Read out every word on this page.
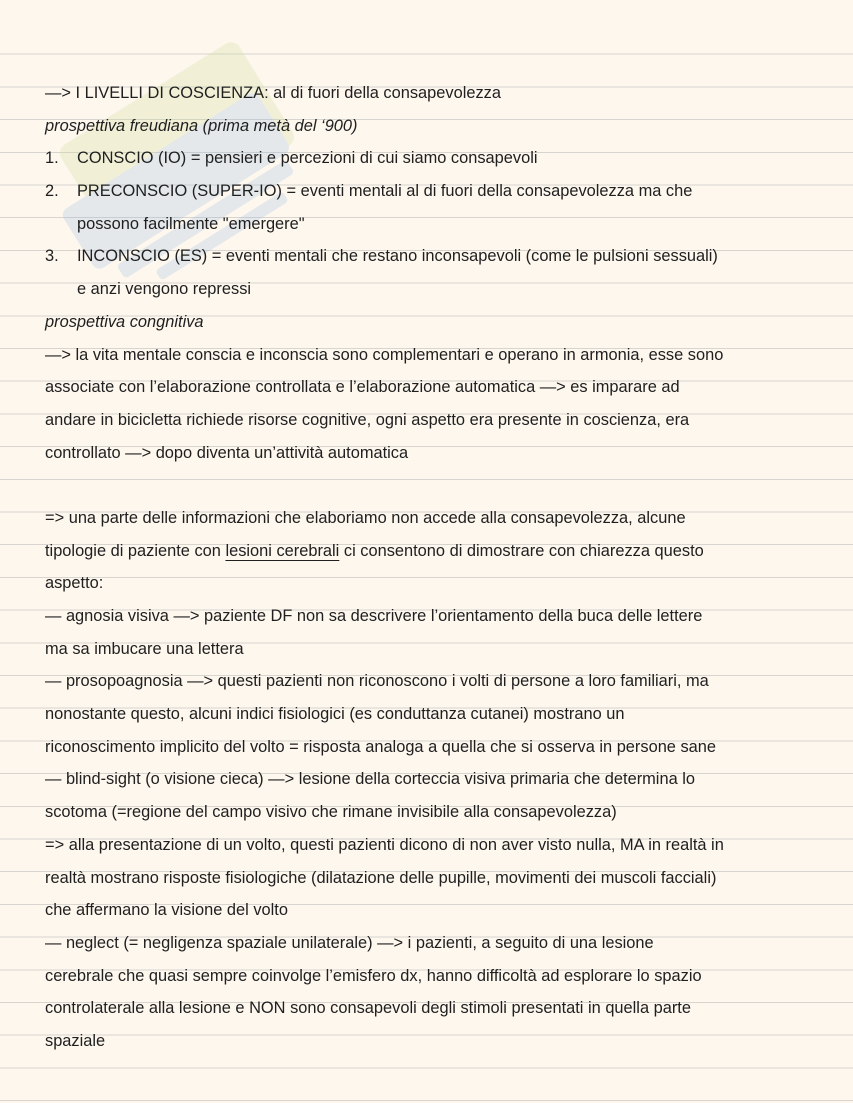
—> I LIVELLI DI COSCIENZA: al di fuori della consapevolezza
prospettiva freudiana (prima metà del ‘900)
1. CONSCIO (IO) = pensieri e percezioni di cui siamo consapevoli
2. PRECONSCIO (SUPER-IO) = eventi mentali al di fuori della consapevolezza ma che
possono facilmente "emergere"
3. INCONSCIO (ES) = eventi mentali che restano inconsapevoli (come le pulsioni sessuali)
e anzi vengono repressi
prospettiva congnitiva
—> la vita mentale conscia e inconscia sono complementari e operano in armonia, esse sono
associate con l’elaborazione controllata e l’elaborazione automatica —> es imparare ad
andare in bicicletta richiede risorse cognitive, ogni aspetto era presente in coscienza, era
controllato —> dopo diventa un’attività automatica
=> una parte delle informazioni che elaboriamo non accede alla consapevolezza, alcune
tipologie di paziente con lesioni cerebrali ci consentono di dimostrare con chiarezza questo
aspetto:
— agnosia visiva —> paziente DF non sa descrivere l’orientamento della buca delle lettere
ma sa imbucare una lettera
— prosopoagnosia —> questi pazienti non riconoscono i volti di persone a loro familiari, ma
nonostante questo, alcuni indici fisiologici (es conduttanza cutanei) mostrano un
riconoscimento implicito del volto = risposta analoga a quella che si osserva in persone sane
— blind-sight (o visione cieca) —> lesione della corteccia visiva primaria che determina lo
scotoma (=regione del campo visivo che rimane invisibile alla consapevolezza)
=> alla presentazione di un volto, questi pazienti dicono di non aver visto nulla, MA in realtà in
realtà mostrano risposte fisiologiche (dilatazione delle pupille, movimenti dei muscoli facciali)
che affermano la visione del volto
— neglect (= negligenza spaziale unilaterale) —> i pazienti, a seguito di una lesione
cerebrale che quasi sempre coinvolge l’emisfero dx, hanno difficoltà ad esplorare lo spazio
controlaterale alla lesione e NON sono consapevoli degli stimoli presentati in quella parte
spaziale
